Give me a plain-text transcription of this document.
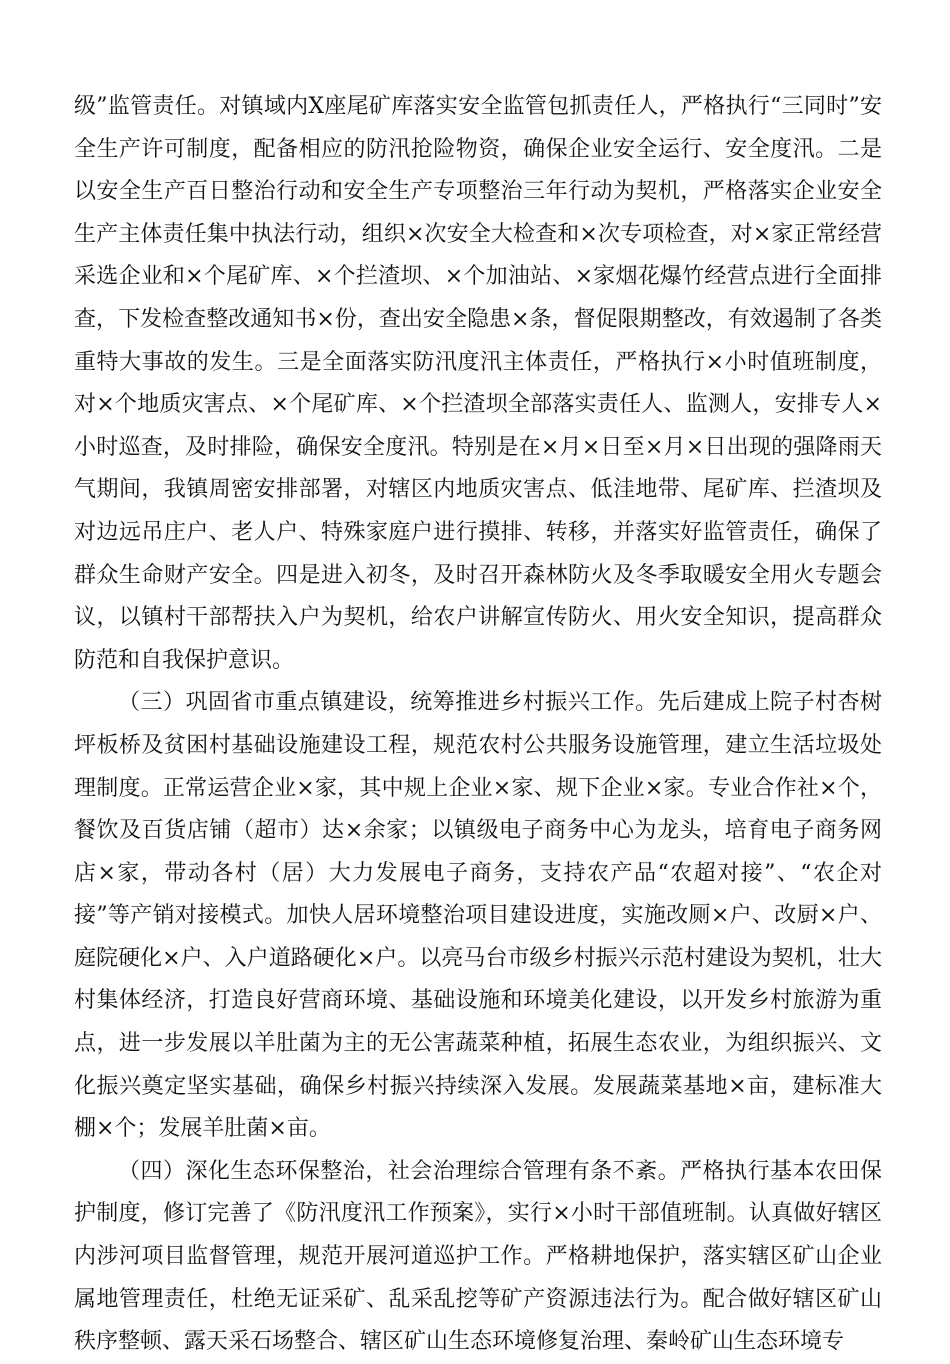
级”监管责任。对镇域内X座尾矿库落实安全监管包抓责任人，严格执行“三同时”安全生产许可制度，配备相应的防汛抢险物资，确保企业安全运行、安全度汛。二是以安全生产百日整治行动和安全生产专项整治三年行动为契机，严格落实企业安全生产主体责任集中执法行动，组织×次安全大检查和×次专项检查，对×家正常经营采选企业和×个尾矿库、×个拦渣坝、×个加油站、×家烟花爆竹经营点进行全面排查，下发检查整改通知书×份，查出安全隐患×条，督促限期整改，有效遏制了各类重特大事故的发生。三是全面落实防汛度汛主体责任，严格执行×小时值班制度，对×个地质灾害点、×个尾矿库、×个拦渣坝全部落实责任人、监测人，安排专人×小时巡查，及时排险，确保安全度汛。特别是在×月×日至×月×日出现的强降雨天气期间，我镇周密安排部署，对辖区内地质灾害点、低洼地带、尾矿库、拦渣坝及对边远吊庄户、老人户、特殊家庭户进行摸排、转移，并落实好监管责任，确保了群众生命财产安全。四是进入初冬，及时召开森林防火及冬季取暖安全用火专题会议，以镇村干部帮扶入户为契机，给农户讲解宣传防火、用火安全知识，提高群众防范和自我保护意识。

（三）巩固省市重点镇建设，统筹推进乡村振兴工作。先后建成上院子村杏树坪板桥及贫困村基础设施建设工程，规范农村公共服务设施管理，建立生活垃圾处理制度。正常运营企业×家，其中规上企业×家、规下企业×家。专业合作社×个，餐饮及百货店铺（超市）达×余家；以镇级电子商务中心为龙头，培育电子商务网店×家，带动各村（居）大力发展电子商务，支持农产品“农超对接”、“农企对接”等产销对接模式。加快人居环境整治项目建设进度，实施改厕×户、改厨×户、庭院硬化×户、入户道路硬化×户。以亮马台市级乡村振兴示范村建设为契机，壮大村集体经济，打造良好营商环境、基础设施和环境美化建设，以开发乡村旅游为重点，进一步发展以羊肚菌为主的无公害蔬菜种植，拓展生态农业，为组织振兴、文化振兴奠定坚实基础，确保乡村振兴持续深入发展。发展蔬菜基地×亩，建标准大棚×个；发展羊肚菌×亩。

（四）深化生态环保整治，社会治理综合管理有条不紊。严格执行基本农田保护制度，修订完善了《防汛度汛工作预案》，实行×小时干部值班制。认真做好辖区内涉河项目监督管理，规范开展河道巡护工作。严格耕地保护，落实辖区矿山企业属地管理责任，杜绝无证采矿、乱采乱挖等矿产资源违法行为。配合做好辖区矿山秩序整顿、露天采石场整合、辖区矿山生态环境修复治理、秦岭矿山生态环境专
